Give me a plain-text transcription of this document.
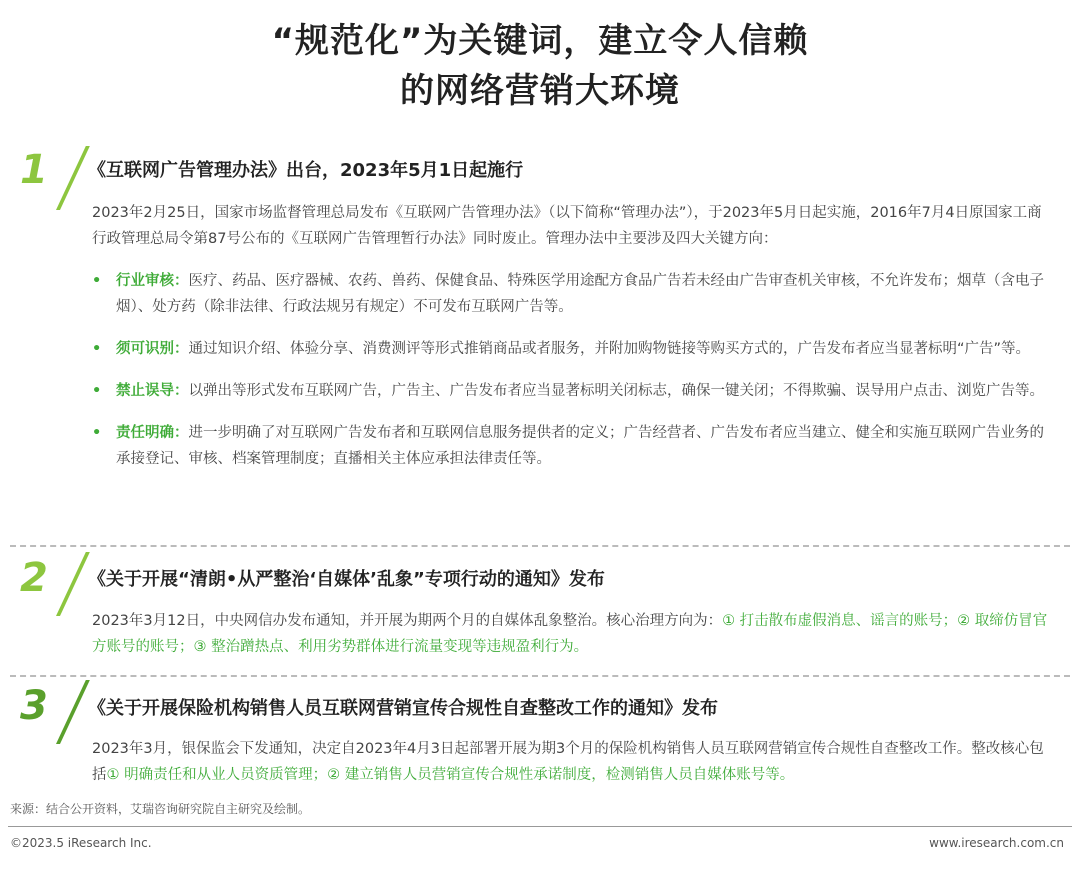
“规范化”为关键词，建立令人信赖
的网络营销大环境
1 《互联网广告管理办法》出台，2023年5月1日起施行
2023年2月25日，国家市场监督管理总局发布《互联网广告管理办法》（以下简称“管理办法”），于2023年5月日起实施，2016年7月4日原国家工商行政管理总局令第87号公布的《互联网广告管理暂行办法》同时废止。管理办法中主要涉及四大关键方向：
• 行业审核：医疗、药品、医疗器械、农药、兽药、保健食品、特殊医学用途配方食品广告若未经由广告审查机关审核，不允许发布；烟草（含电子烟）、处方药（除非法律、行政法规另有规定）不可发布互联网广告等。
• 须可识别：通过知识介绍、体验分享、消费测评等形式推销商品或者服务，并附加购物链接等购买方式的，广告发布者应当显著标明“广告”等。
• 禁止误导：以弹出等形式发布互联网广告，广告主、广告发布者应当显著标明关闭标志，确保一键关闭；不得欺骗、误导用户点击、浏览广告等。
• 责任明确：进一步明确了对互联网广告发布者和互联网信息服务提供者的定义；广告经营者、广告发布者应当建立、健全和实施互联网广告业务的承接登记、审核、档案管理制度；直播相关主体应承担法律责任等。
2 《关于开展“清朗•从严整治‘自媒体’乱象”专项行动的通知》发布
2023年3月12日，中央网信办发布通知，并开展为期两个月的自媒体乱象整治。核心治理方向为：① 打击散布虚假消息、谣言的账号；② 取缔仿冒官方账号的账号；③ 整治蹭热点、利用劣势群体进行流量变现等违规盈利行为。
3 《关于开展保险机构销售人员互联网营销宣传合规性自查整改工作的通知》发布
2023年3月，银保监会下发通知，决定自2023年4月3日起部署开展为期3个月的保险机构销售人员互联网营销宣传合规性自查整改工作。整改核心包括① 明确责任和从业人员资质管理；② 建立销售人员营销宣传合规性承诺制度，检测销售人员自媒体账号等。
来源：结合公开资料，艾瑞咨询研究院自主研究及绘制。
©2023.5 iResearch Inc.	www.iresearch.com.cn
